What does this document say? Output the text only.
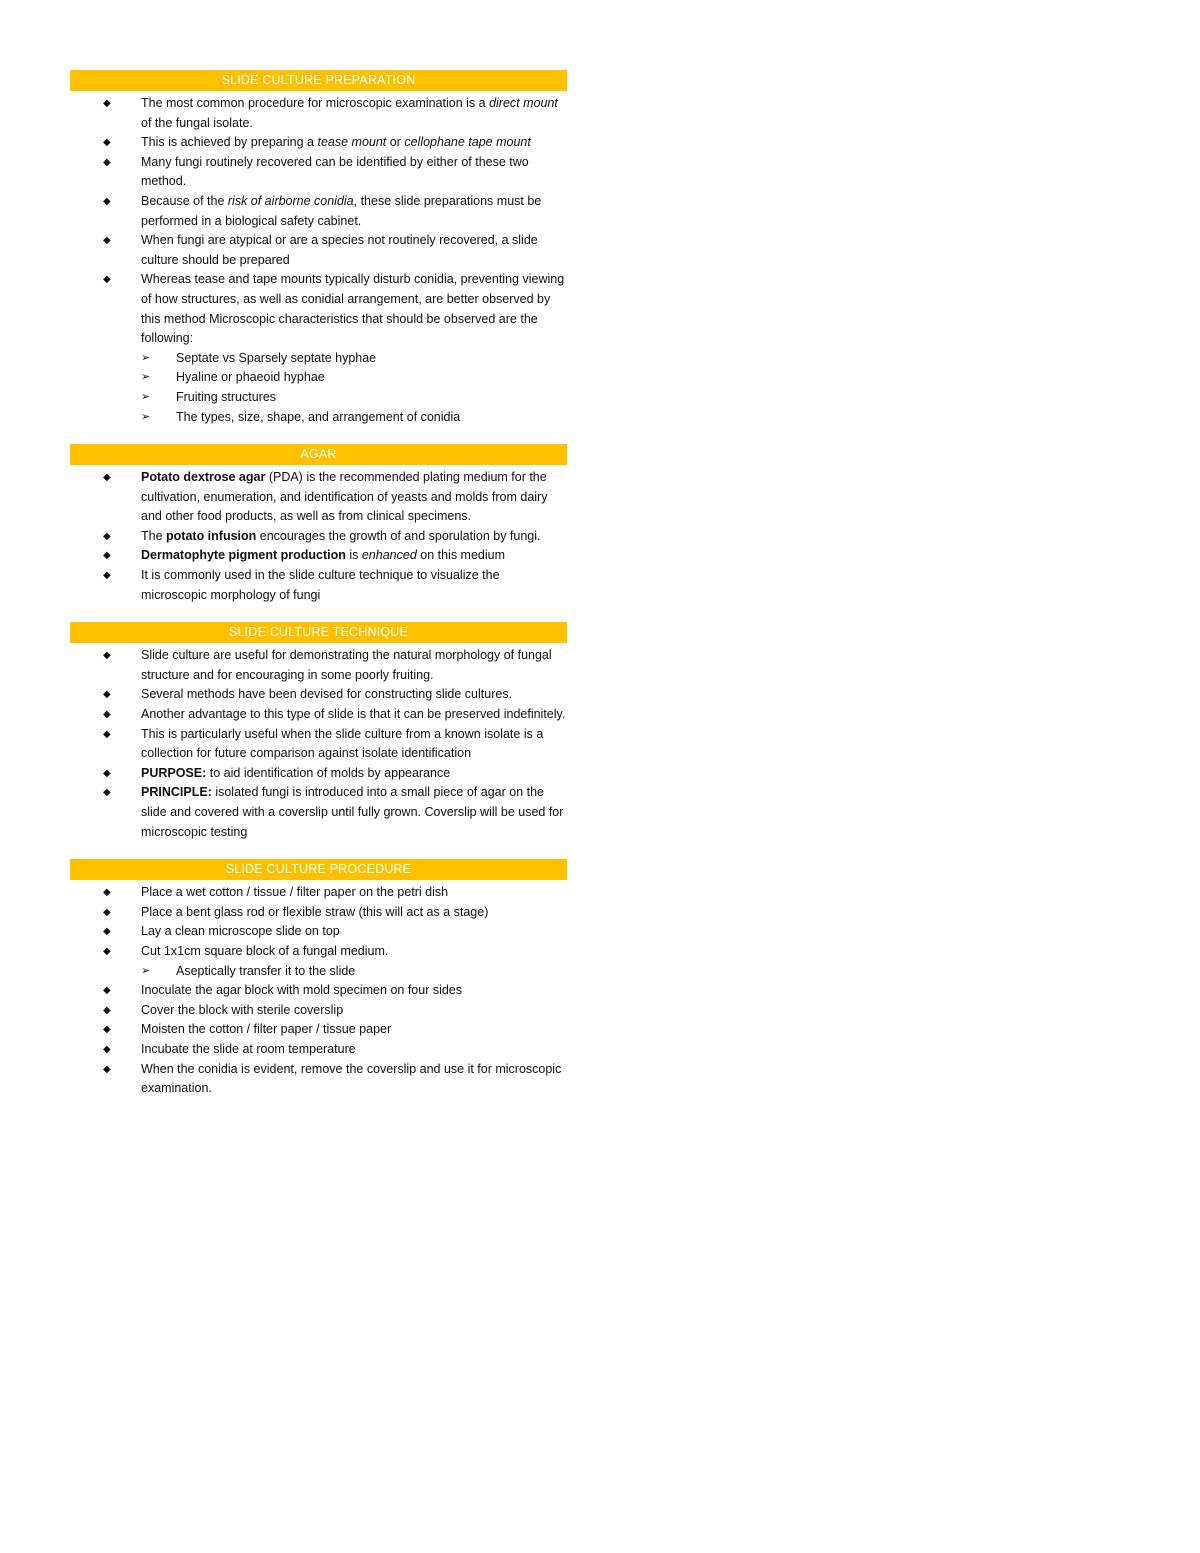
SLIDE CULTURE PREPARATION
◆ The most common procedure for microscopic examination is a direct mount of the fungal isolate.
◆ This is achieved by preparing a tease mount or cellophane tape mount
◆ Many fungi routinely recovered can be identified by either of these two method.
◆ Because of the risk of airborne conidia, these slide preparations must be performed in a biological safety cabinet.
◆ When fungi are atypical or are a species not routinely recovered, a slide culture should be prepared
◆ Whereas tease and tape mounts typically disturb conidia, preventing viewing of how structures, as well as conidial arrangement, are better observed by this method Microscopic characteristics that should be observed are the following:
➢ Septate vs Sparsely septate hyphae
➢ Hyaline or phaeoid hyphae
➢ Fruiting structures
➢ The types, size, shape, and arrangement of conidia
AGAR
◆ Potato dextrose agar (PDA) is the recommended plating medium for the cultivation, enumeration, and identification of yeasts and molds from dairy and other food products, as well as from clinical specimens.
◆ The potato infusion encourages the growth of and sporulation by fungi.
◆ Dermatophyte pigment production is enhanced on this medium
◆ It is commonly used in the slide culture technique to visualize the microscopic morphology of fungi
SLIDE CULTURE TECHNIQUE
◆ Slide culture are useful for demonstrating the natural morphology of fungal structure and for encouraging in some poorly fruiting.
◆ Several methods have been devised for constructing slide cultures.
◆ Another advantage to this type of slide is that it can be preserved indefinitely.
◆ This is particularly useful when the slide culture from a known isolate is a collection for future comparison against isolate identification
◆ PURPOSE: to aid identification of molds by appearance
◆ PRINCIPLE: isolated fungi is introduced into a small piece of agar on the slide and covered with a coverslip until fully grown. Coverslip will be used for microscopic testing
SLIDE CULTURE PROCEDURE
◆ Place a wet cotton / tissue / filter paper on the petri dish
◆ Place a bent glass rod or flexible straw (this will act as a stage)
◆ Lay a clean microscope slide on top
◆ Cut 1x1cm square block of a fungal medium.
➢ Aseptically transfer it to the slide
◆ Inoculate the agar block with mold specimen on four sides
◆ Cover the block with sterile coverslip
◆ Moisten the cotton / filter paper / tissue paper
◆ Incubate the slide at room temperature
◆ When the conidia is evident, remove the coverslip and use it for microscopic examination.
